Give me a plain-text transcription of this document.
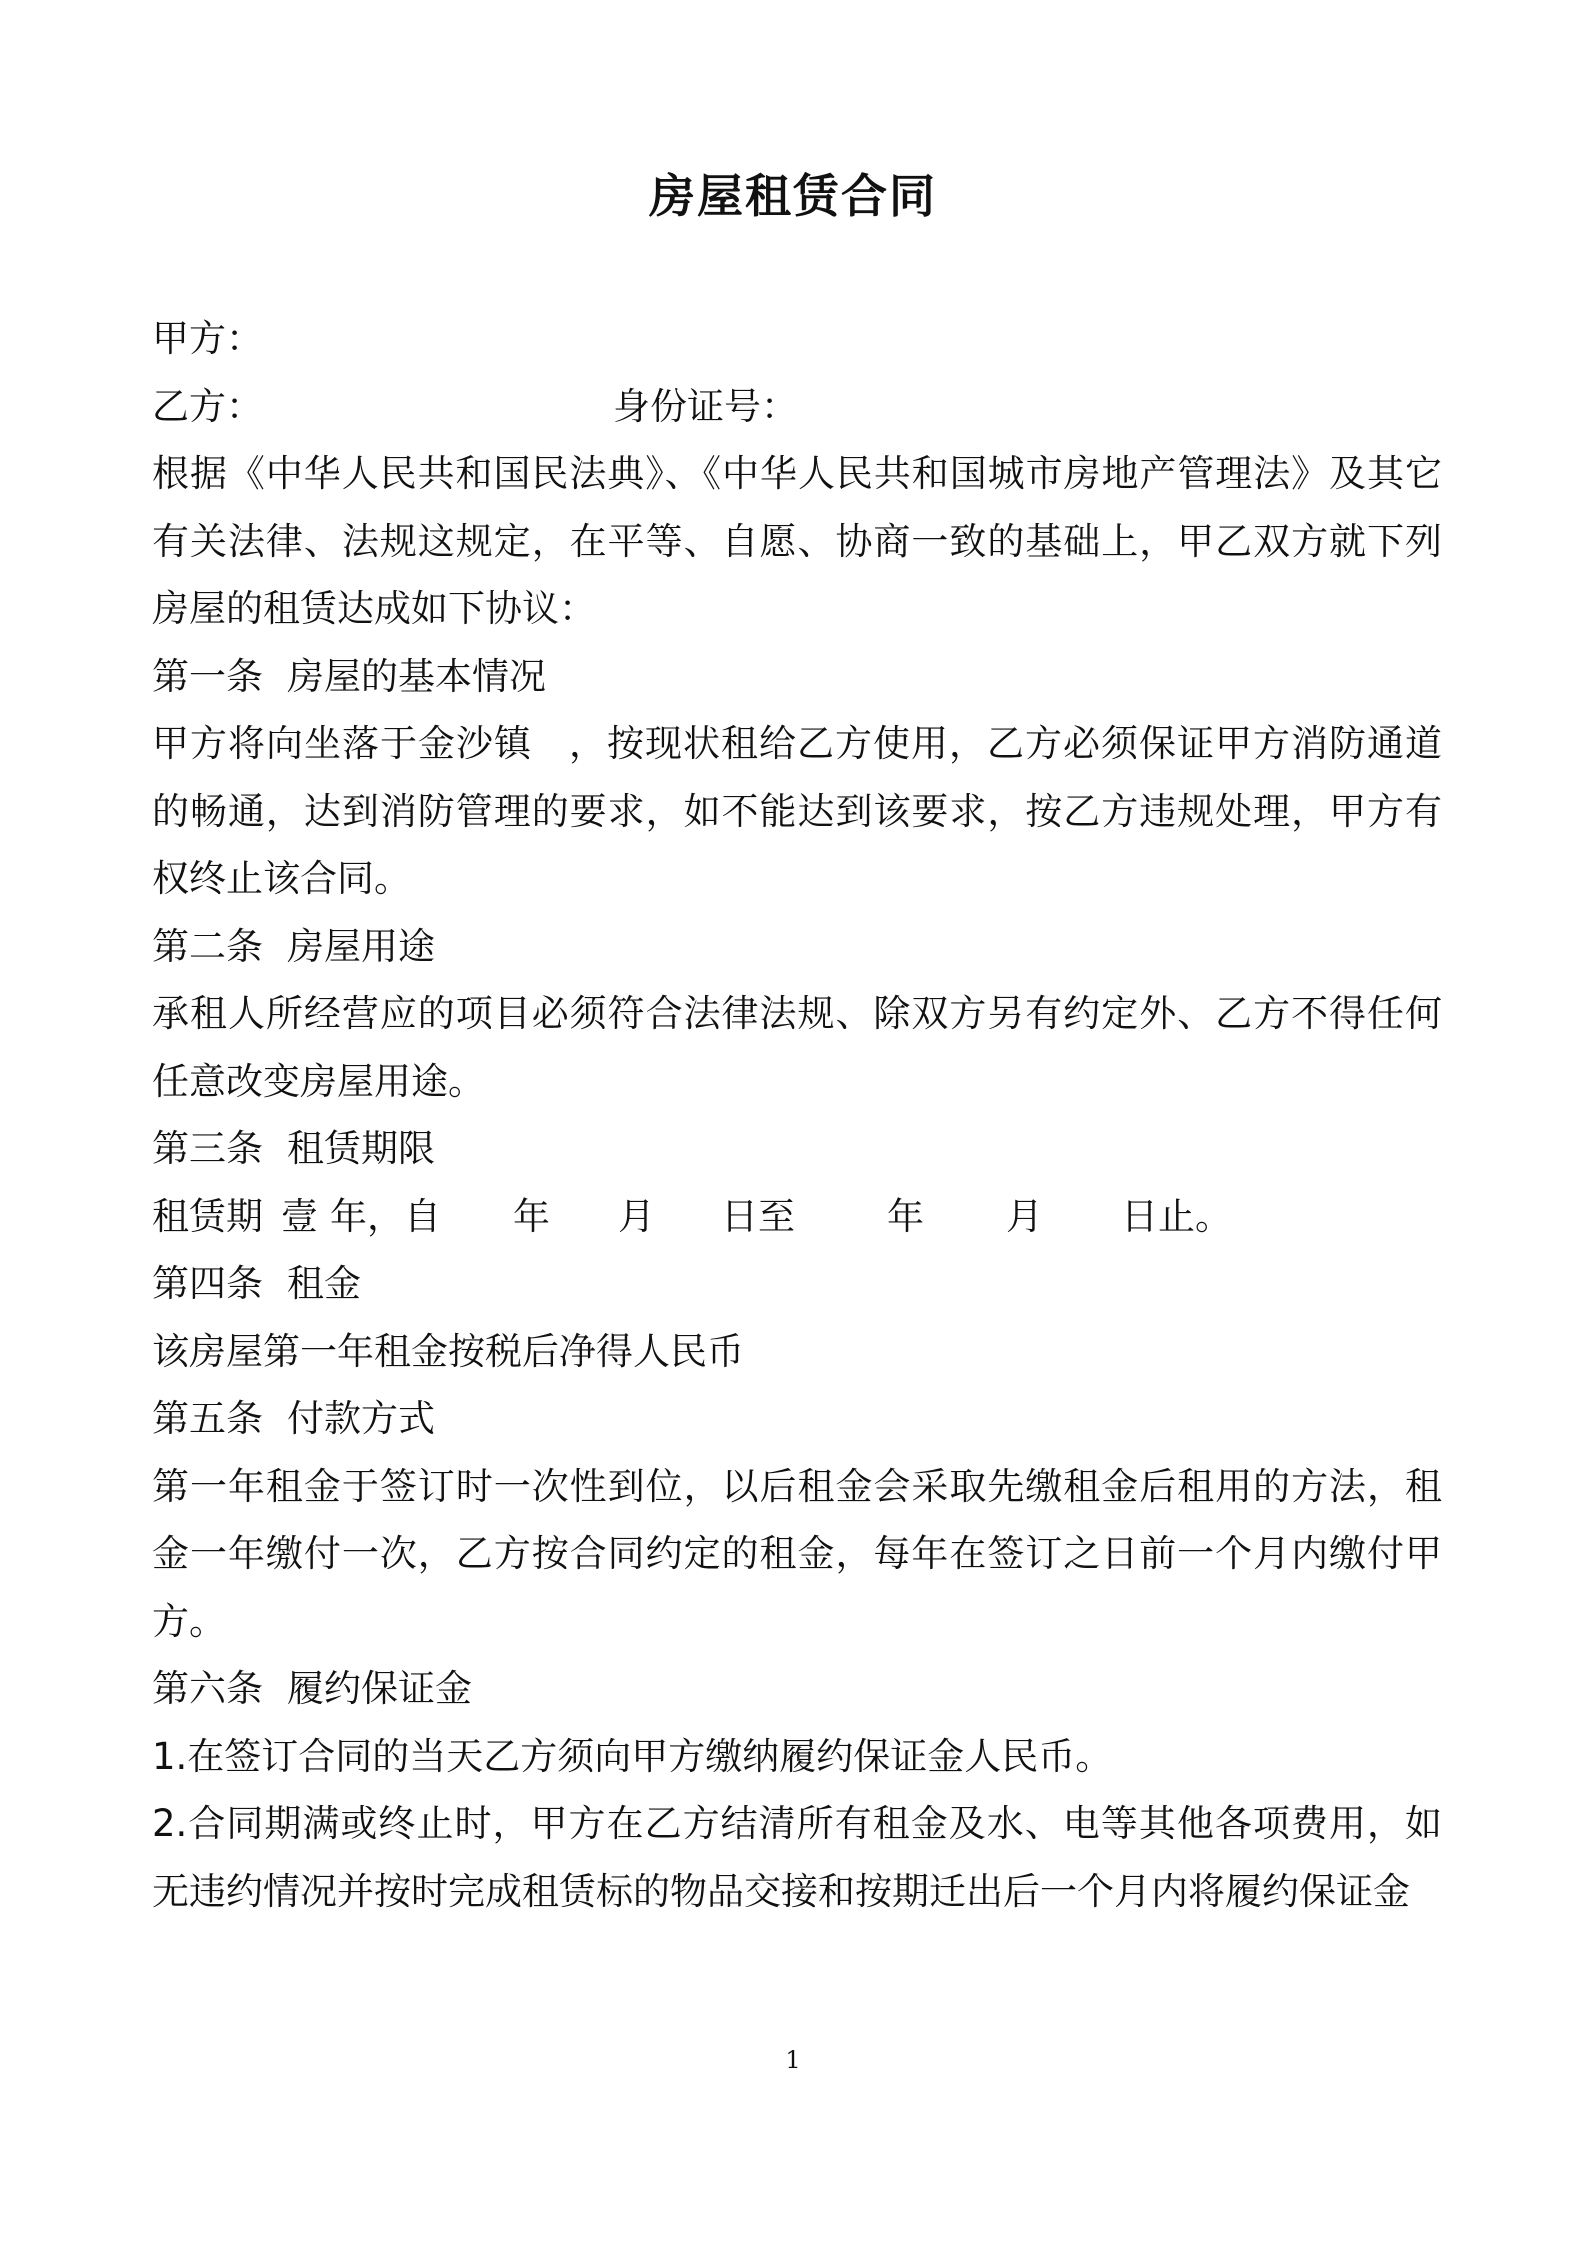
房屋租赁合同
甲方：
乙方：	身份证号：
根据《中华人民共和国民法典》、《中华人民共和国城市房地产管理法》及其它有关法律、法规这规定，在平等、自愿、协商一致的基础上，甲乙双方就下列房屋的租赁达成如下协议：
第一条 房屋的基本情况
甲方将向坐落于金沙镇 ，按现状租给乙方使用，乙方必须保证甲方消防通道的畅通，达到消防管理的要求，如不能达到该要求，按乙方违规处理，甲方有权终止该合同。
第二条 房屋用途
承租人所经营应的项目必须符合法律法规、除双方另有约定外、乙方不得任何任意改变房屋用途。
第三条 租赁期限
租赁期 壹 年，自 年 月 日至 年 月 日止。
第四条 租金
该房屋第一年租金按税后净得人民币
第五条 付款方式
第一年租金于签订时一次性到位，以后租金会采取先缴租金后租用的方法，租金一年缴付一次，乙方按合同约定的租金，每年在签订之日前一个月内缴付甲方。
第六条 履约保证金
1.在签订合同的当天乙方须向甲方缴纳履约保证金人民币。
2.合同期满或终止时，甲方在乙方结清所有租金及水、电等其他各项费用，如无违约情况并按时完成租赁标的物品交接和按期迁出后一个月内将履约保证金
1
